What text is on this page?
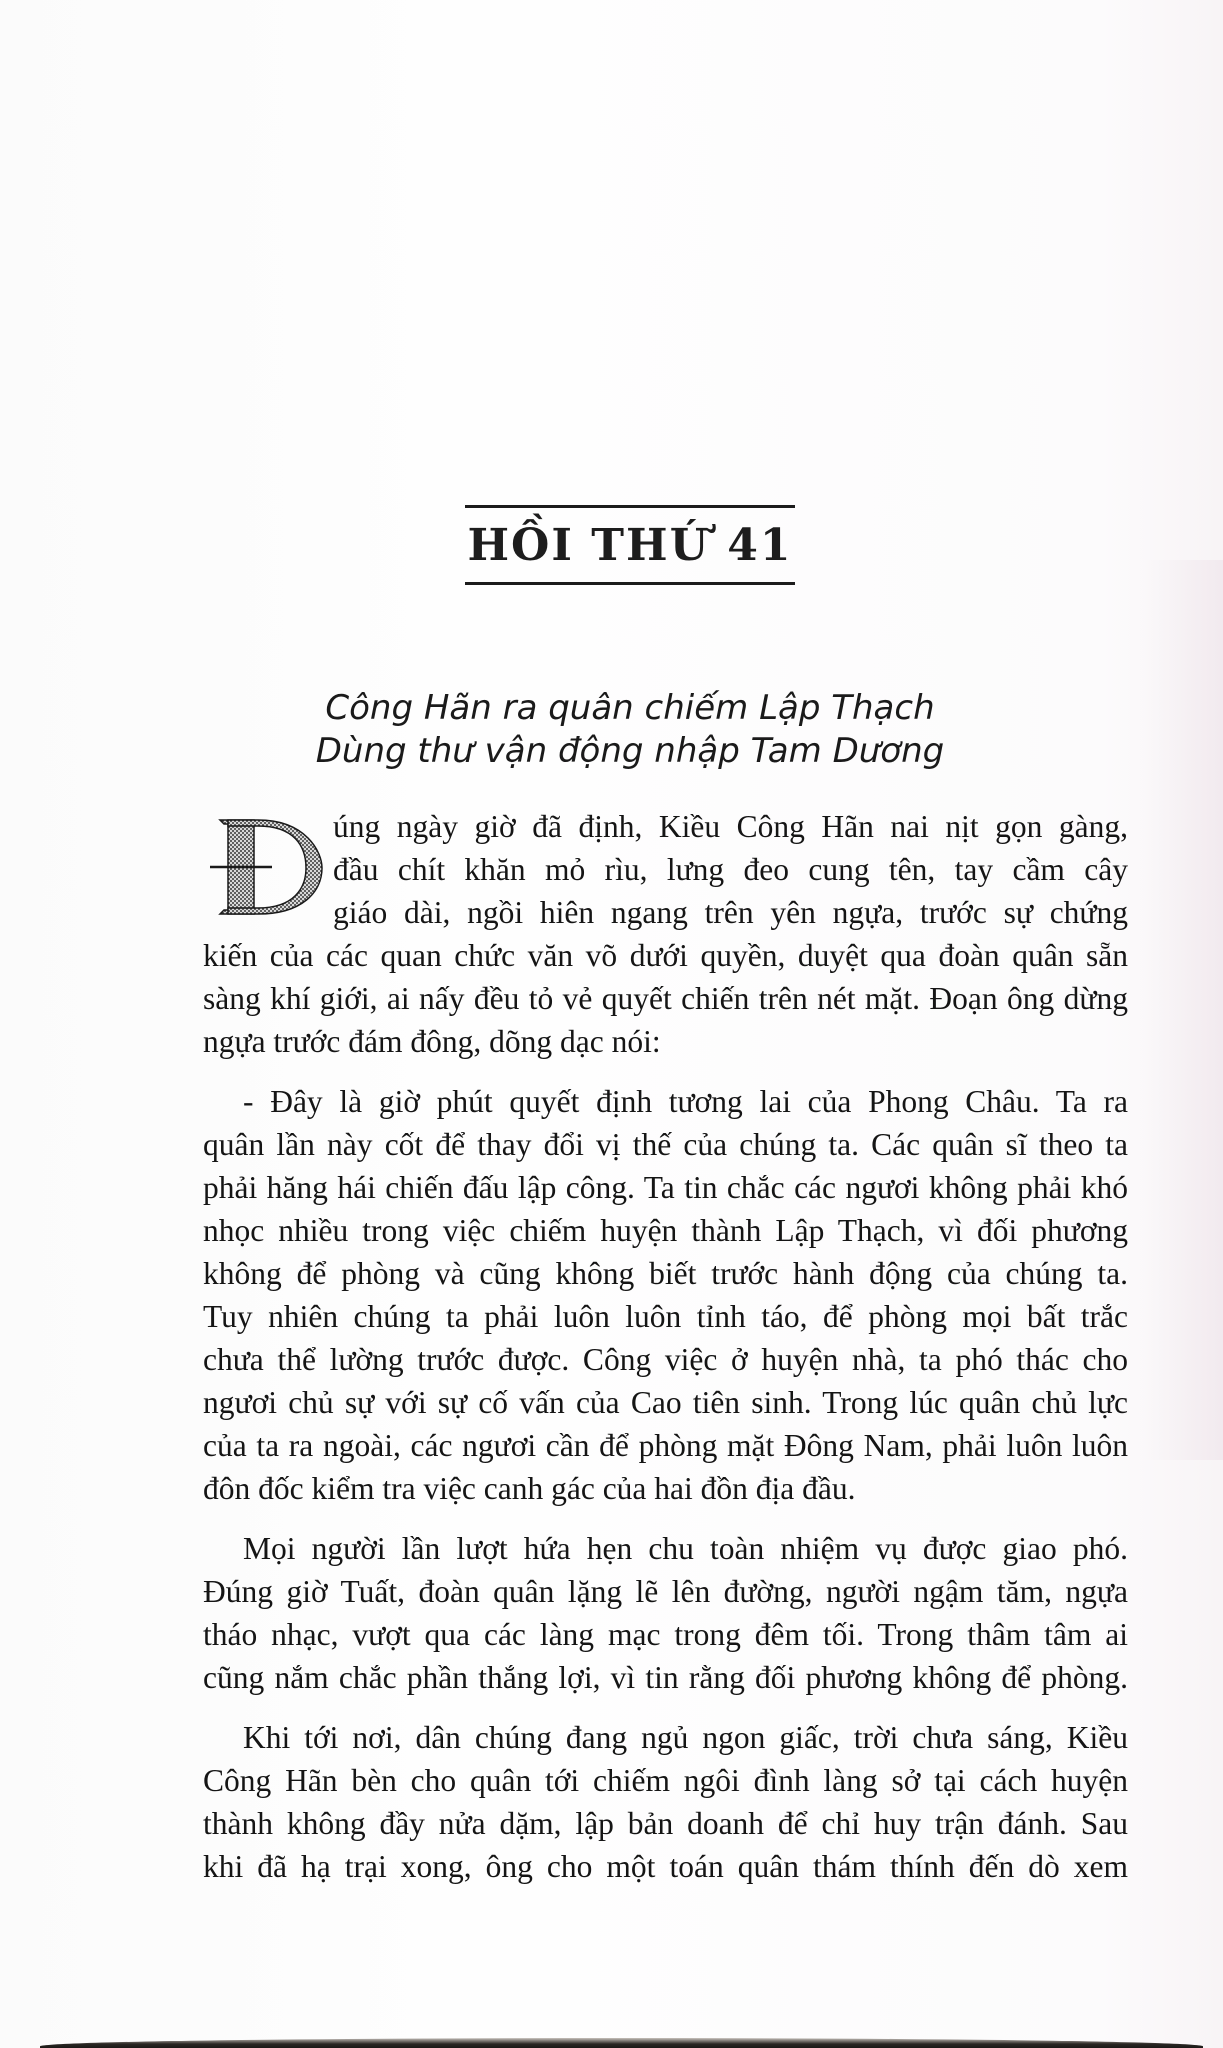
HỒI THỨ 41
Công Hãn ra quân chiếm Lập Thạch
Dùng thư vận động nhập Tam Dương
úng ngày giờ đã định, Kiều Công Hãn nai nịt gọn gàng,
đầu chít khăn mỏ rìu, lưng đeo cung tên, tay cầm cây
giáo dài, ngồi hiên ngang trên yên ngựa, trước sự chứng
kiến của các quan chức văn võ dưới quyền, duyệt qua đoàn quân sẵn
sàng khí giới, ai nấy đều tỏ vẻ quyết chiến trên nét mặt. Đoạn ông dừng
ngựa trước đám đông, dõng dạc nói:
- Đây là giờ phút quyết định tương lai của Phong Châu. Ta ra
quân lần này cốt để thay đổi vị thế của chúng ta. Các quân sĩ theo ta
phải hăng hái chiến đấu lập công. Ta tin chắc các ngươi không phải khó
nhọc nhiều trong việc chiếm huyện thành Lập Thạch, vì đối phương
không để phòng và cũng không biết trước hành động của chúng ta.
Tuy nhiên chúng ta phải luôn luôn tỉnh táo, để phòng mọi bất trắc
chưa thể lường trước được. Công việc ở huyện nhà, ta phó thác cho
ngươi chủ sự với sự cố vấn của Cao tiên sinh. Trong lúc quân chủ lực
của ta ra ngoài, các ngươi cần để phòng mặt Đông Nam, phải luôn luôn
đôn đốc kiểm tra việc canh gác của hai đồn địa đầu.
Mọi người lần lượt hứa hẹn chu toàn nhiệm vụ được giao phó.
Đúng giờ Tuất, đoàn quân lặng lẽ lên đường, người ngậm tăm, ngựa
tháo nhạc, vượt qua các làng mạc trong đêm tối. Trong thâm tâm ai
cũng nắm chắc phần thắng lợi, vì tin rằng đối phương không để phòng.
Khi tới nơi, dân chúng đang ngủ ngon giấc, trời chưa sáng, Kiều
Công Hãn bèn cho quân tới chiếm ngôi đình làng sở tại cách huyện
thành không đầy nửa dặm, lập bản doanh để chỉ huy trận đánh. Sau
khi đã hạ trại xong, ông cho một toán quân thám thính đến dò xem
